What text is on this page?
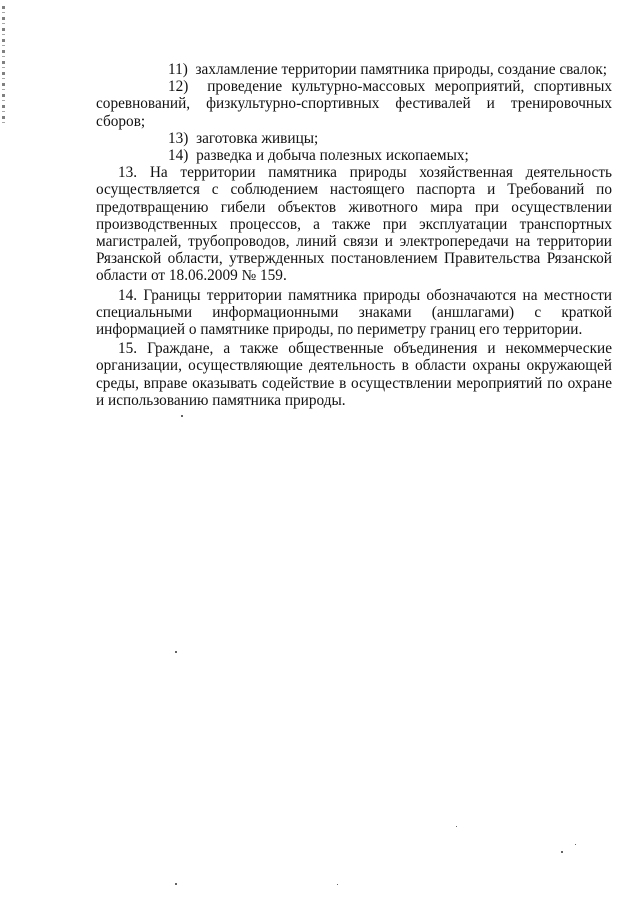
11) захламление территории памятника природы, создание свалок;

12) проведение культурно-массовых мероприятий, спортивных соревнований, физкультурно-спортивных фестивалей и тренировочных сборов;

13) заготовка живицы;

14) разведка и добыча полезных ископаемых;

13. На территории памятника природы хозяйственная деятельность осуществляется с соблюдением настоящего паспорта и Требований по предотвращению гибели объектов животного мира при осуществлении производственных процессов, а также при эксплуатации транспортных магистралей, трубопроводов, линий связи и электропередачи на территории Рязанской области, утвержденных постановлением Правительства Рязанской области от 18.06.2009 № 159.

14. Границы территории памятника природы обозначаются на местности специальными информационными знаками (аншлагами) с краткой информацией о памятнике природы, по периметру границ его территории.

15. Граждане, а также общественные объединения и некоммерческие организации, осуществляющие деятельность в области охраны окружающей среды, вправе оказывать содействие в осуществлении мероприятий по охране и использованию памятника природы.
